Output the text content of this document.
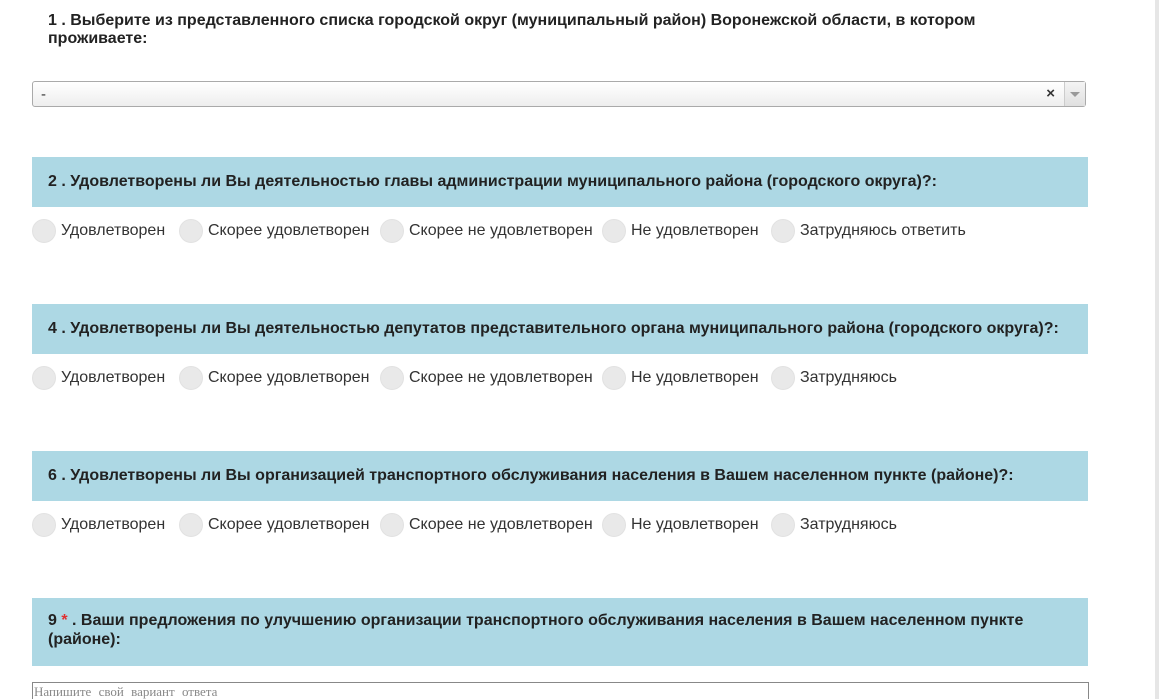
1 . Выберите из представленного списка городской округ (муниципальный район) Воронежской области, в котором проживаете:
-	×
2 . Удовлетворены ли Вы деятельностью главы администрации муниципального района (городского округа)?:
Удовлетворен	Скорее удовлетворен Скорее не удовлетворен Не удовлетворен	Затрудняюсь ответить
4 . Удовлетворены ли Вы деятельностью депутатов представительного органа муниципального района (городского округа)?:
Удовлетворен	Скорее удовлетворен Скорее не удовлетворен Не удовлетворен	Затрудняюсь
6 . Удовлетворены ли Вы организацией транспортного обслуживания населения в Вашем населенном пункте (районе)?:
Удовлетворен	Скорее удовлетворен Скорее не удовлетворен Не удовлетворен	Затрудняюсь
9 * . Ваши предложения по улучшению организации транспортного обслуживания населения в Вашем населенном пункте (районе):
Напишите свой вариант ответа
